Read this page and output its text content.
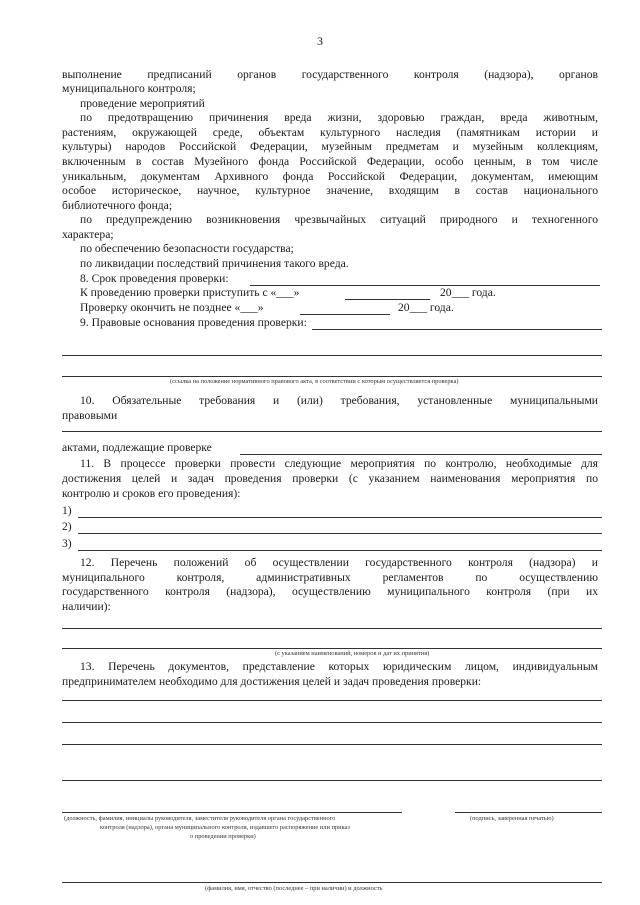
3
выполнение предписаний органов государственного контроля (надзора), органов
муниципального контроля;
проведение мероприятий
по предотвращению причинения вреда жизни, здоровью граждан, вреда животным,
растениям, окружающей среде, объектам культурного наследия (памятникам истории и
культуры) народов Российской Федерации, музейным предметам и музейным коллекциям,
включенным в состав Музейного фонда Российской Федерации, особо ценным, в том числе
уникальным, документам Архивного фонда Российской Федерации, документам, имеющим
особое историческое, научное, культурное значение, входящим в состав национального
библиотечного фонда;
по предупреждению возникновения чрезвычайных ситуаций природного и техногенного
характера;
по обеспечению безопасности государства;
по ликвидации последствий причинения такого вреда.
8. Срок проведения проверки:
К проведению проверки приступить с «___»	20___ года.
Проверку окончить не позднее «___»	20___ года.
9. Правовые основания проведения проверки:
(ссылка на положение нормативного правового акта, в соответствии с которым осуществляется проверка)
10. Обязательные требования и (или) требования, установленные муниципальными
правовыми
актами, подлежащие проверке
11. В процессе проверки провести следующие мероприятия по контролю, необходимые для
достижения целей и задач проведения проверки (с указанием наименования мероприятия по
контролю и сроков его проведения):
1)
2)
3)
12. Перечень положений об осуществлении государственного контроля (надзора) и
муниципального контроля, административных регламентов по осуществлению
государственного контроля (надзора), осуществлению муниципального контроля (при их
наличии):
(с указанием наименований, номеров и дат их принятия)
13. Перечень документов, представление которых юридическим лицом, индивидуальным
предпринимателем необходимо для достижения целей и задач проведения проверки:
(должность, фамилия, инициалы руководителя, заместителя руководителя органа государственного
контроля (надзора), органа муниципального контроля, издавшего распоряжение или приказ
о проведении проверки)
(подпись, заверенная печатью)
(фамилия, имя, отчество (последнее – при наличии) и должность
